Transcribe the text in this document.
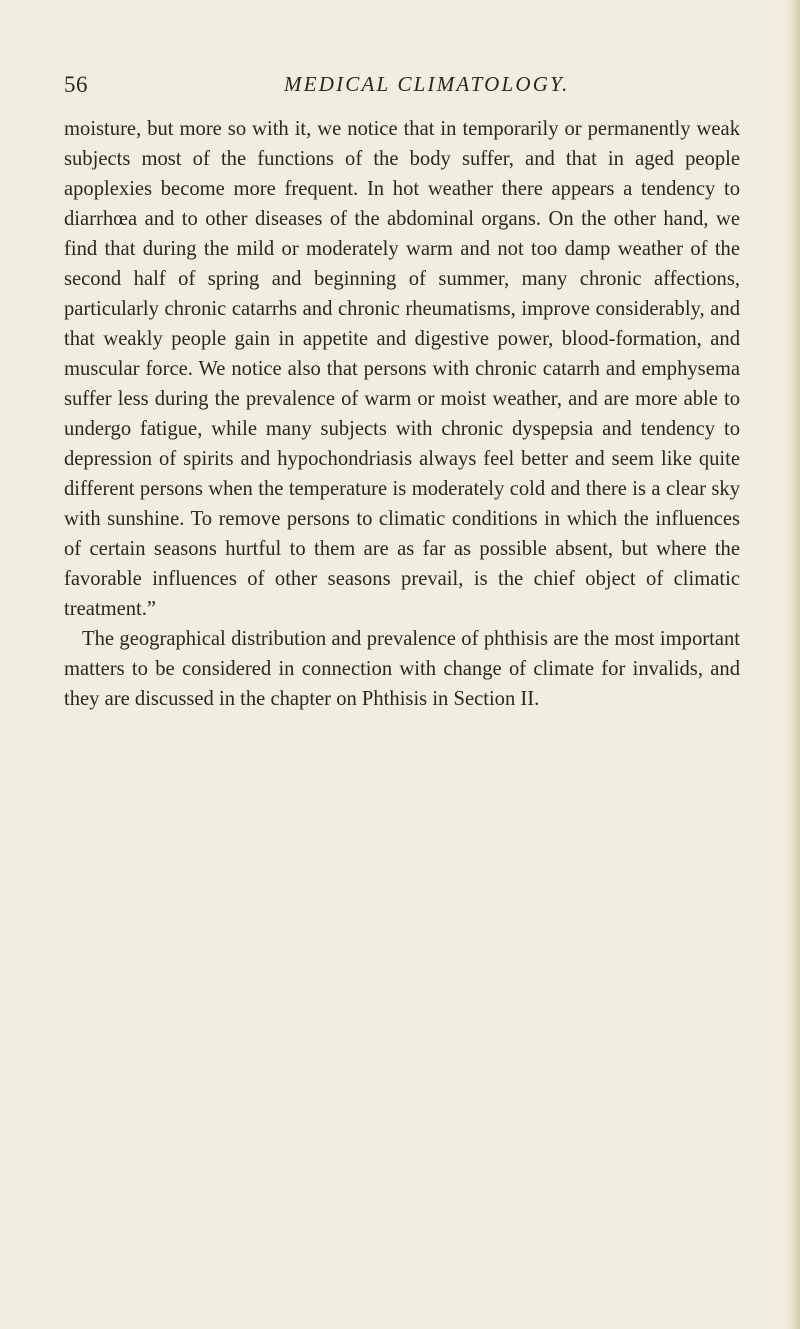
56	MEDICAL CLIMATOLOGY.

moisture, but more so with it, we notice that in temporarily or permanently weak subjects most of the functions of the body suffer, and that in aged people apoplexies become more frequent. In hot weather there appears a tendency to diarrhœa and to other diseases of the abdominal organs. On the other hand, we find that during the mild or moderately warm and not too damp weather of the second half of spring and beginning of summer, many chronic affections, particularly chronic catarrhs and chronic rheumatisms, improve considerably, and that weakly people gain in appetite and digestive power, blood-formation, and muscular force. We notice also that persons with chronic catarrh and emphysema suffer less during the prevalence of warm or moist weather, and are more able to undergo fatigue, while many subjects with chronic dyspepsia and tendency to depression of spirits and hypochondriasis always feel better and seem like quite different persons when the temperature is moderately cold and there is a clear sky with sunshine. To remove persons to climatic conditions in which the influences of certain seasons hurtful to them are as far as possible absent, but where the favorable influences of other seasons prevail, is the chief object of climatic treatment.”

The geographical distribution and prevalence of phthisis are the most important matters to be considered in connection with change of climate for invalids, and they are discussed in the chapter on Phthisis in Section II.
